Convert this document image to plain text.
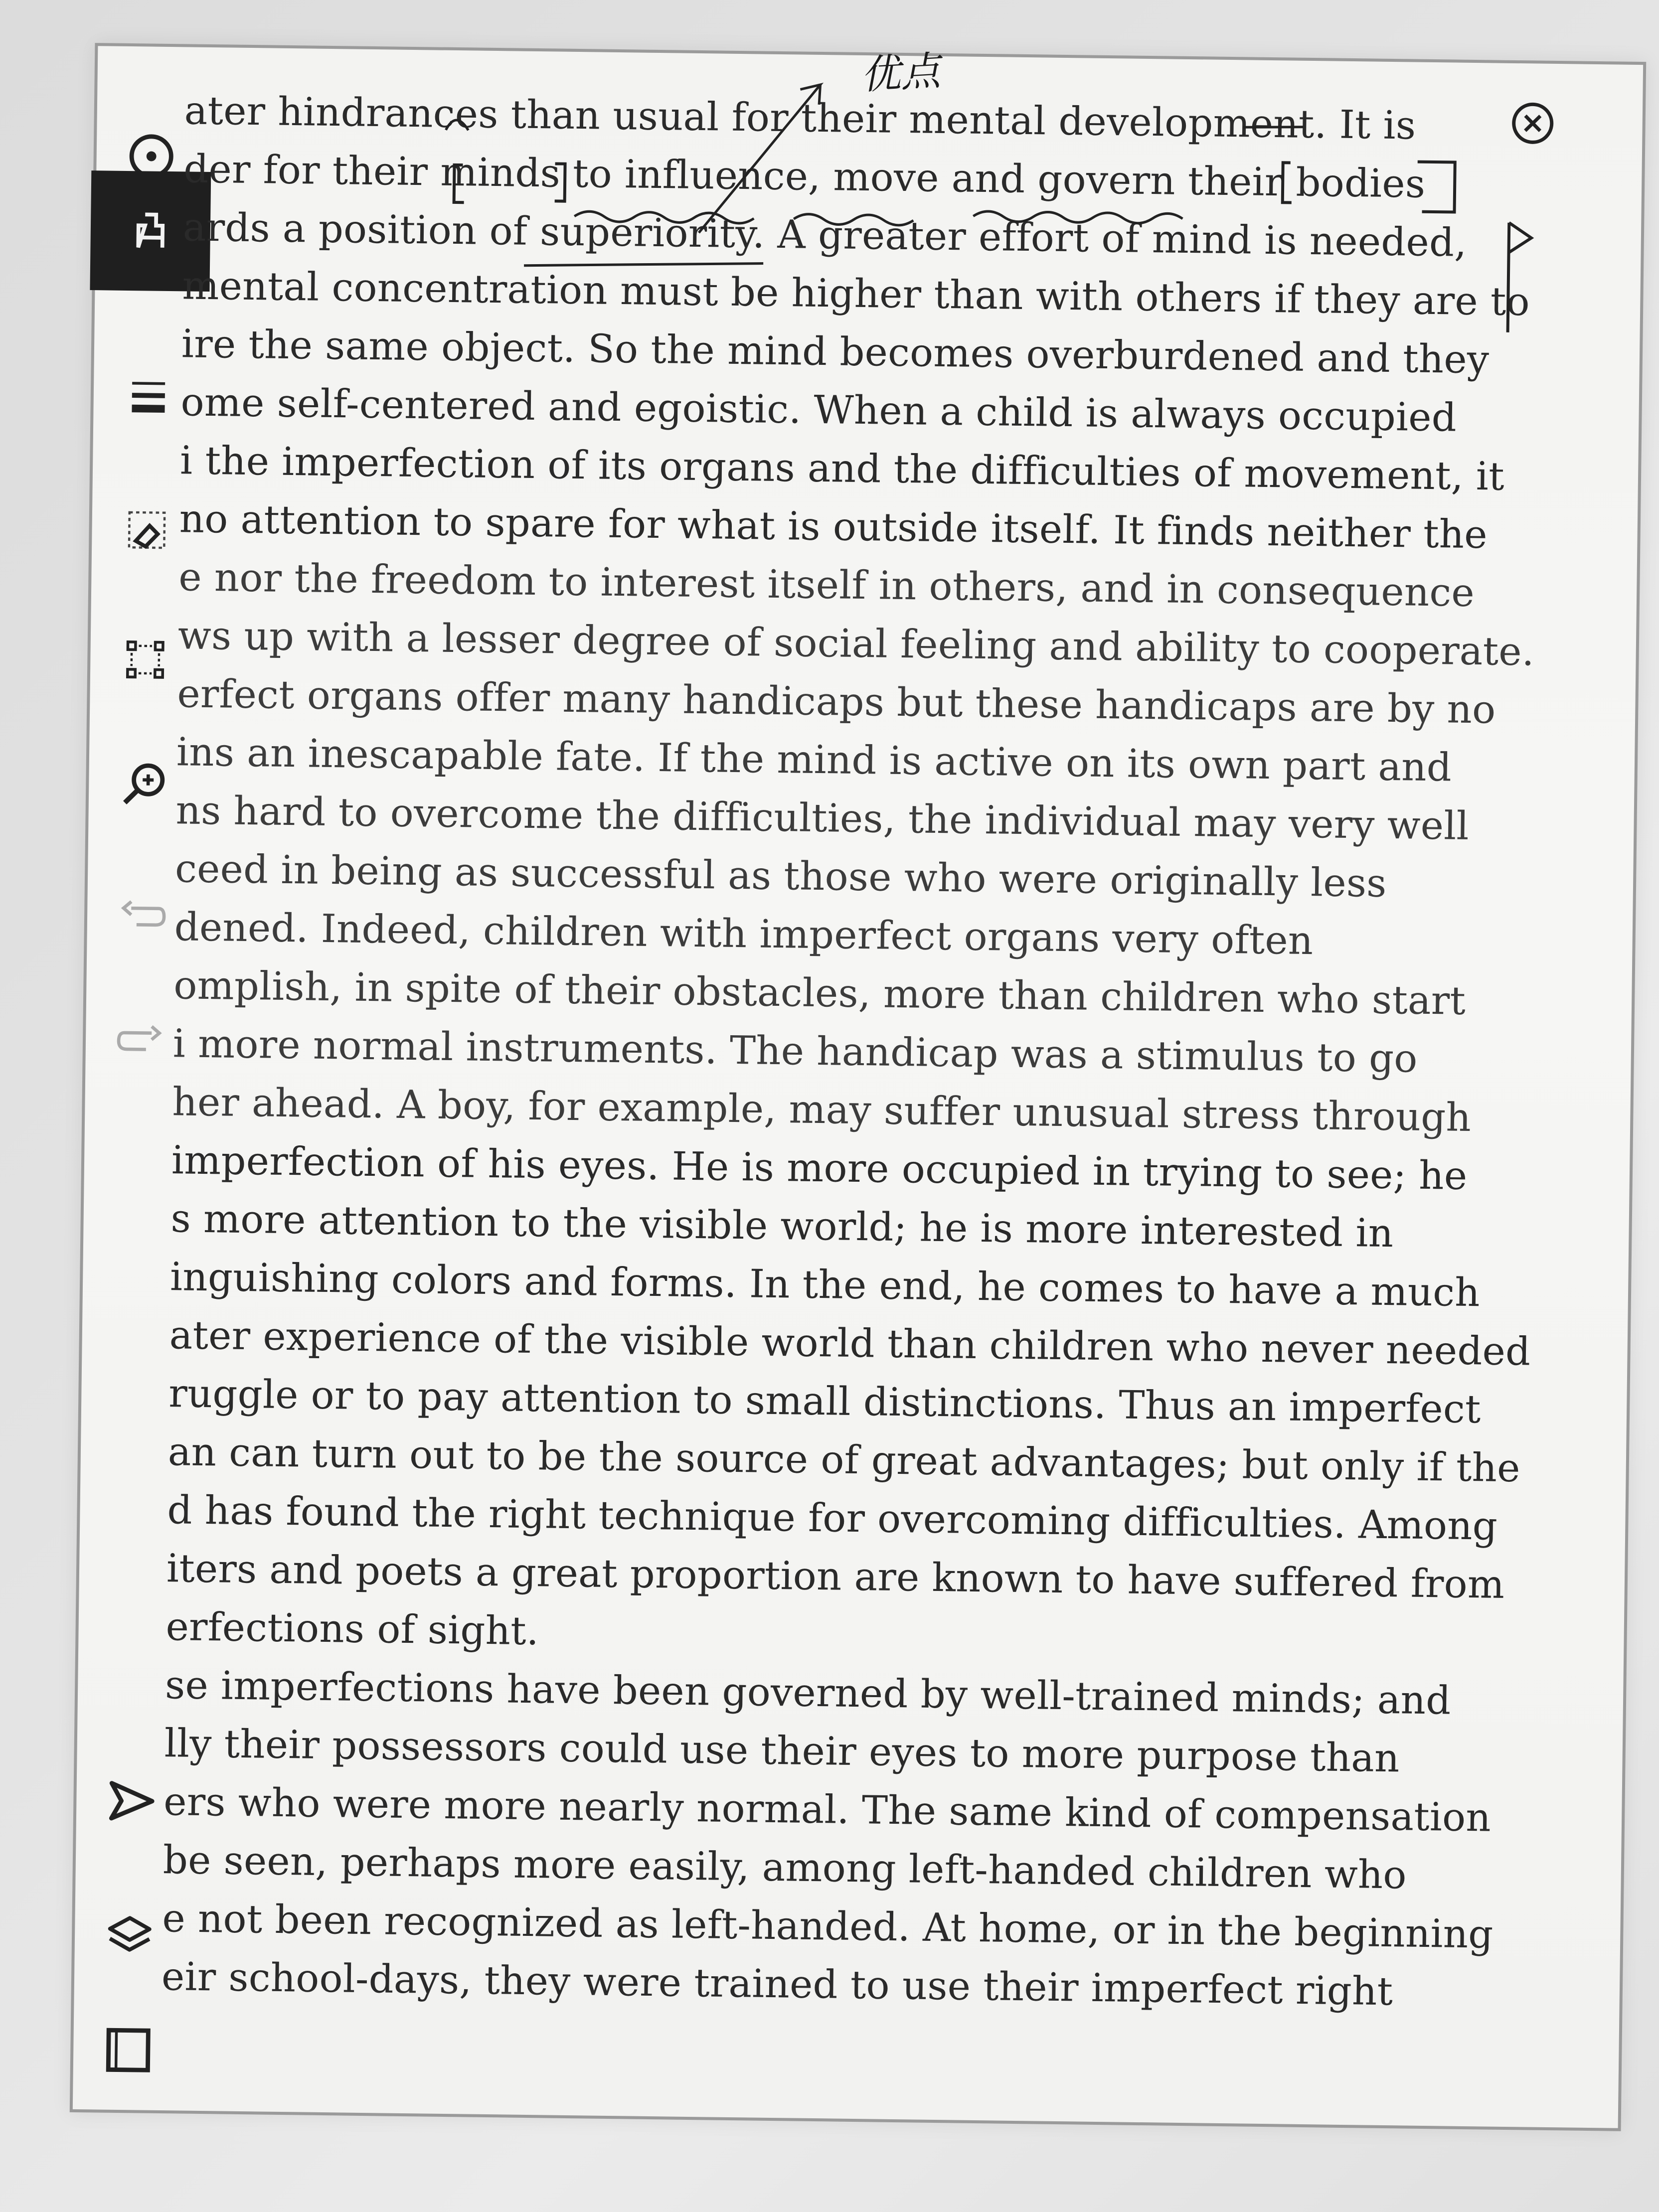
优点
ater hindrances than usual for their mental development. It is
der for their minds to influence, move and govern their bodies
ards a position of superiority. A greater effort of mind is needed,
mental concentration must be higher than with others if they are to
ire the same object. So the mind becomes overburdened and they
ome self-centered and egoistic. When a child is always occupied
i the imperfection of its organs and the difficulties of movement, it
no attention to spare for what is outside itself. It finds neither the
e nor the freedom to interest itself in others, and in consequence
ws up with a lesser degree of social feeling and ability to cooperate.
erfect organs offer many handicaps but these handicaps are by no
ins an inescapable fate. If the mind is active on its own part and
ns hard to overcome the difficulties, the individual may very well
ceed in being as successful as those who were originally less
dened. Indeed, children with imperfect organs very often
omplish, in spite of their obstacles, more than children who start
i more normal instruments. The handicap was a stimulus to go
her ahead. A boy, for example, may suffer unusual stress through
imperfection of his eyes. He is more occupied in trying to see; he
s more attention to the visible world; he is more interested in
inguishing colors and forms. In the end, he comes to have a much
ater experience of the visible world than children who never needed
ruggle or to pay attention to small distinctions. Thus an imperfect
an can turn out to be the source of great advantages; but only if the
d has found the right technique for overcoming difficulties. Among
iters and poets a great proportion are known to have suffered from
erfections of sight.
se imperfections have been governed by well-trained minds; and
lly their possessors could use their eyes to more purpose than
ers who were more nearly normal. The same kind of compensation
be seen, perhaps more easily, among left-handed children who
e not been recognized as left-handed. At home, or in the beginning
eir school-days, they were trained to use their imperfect right
